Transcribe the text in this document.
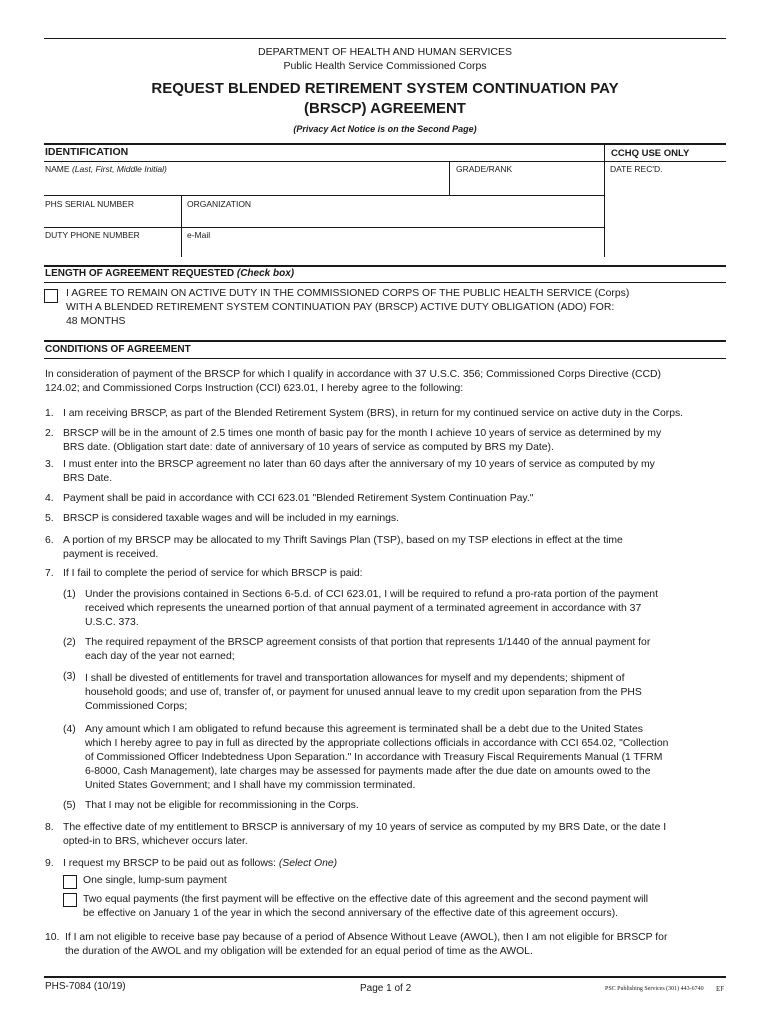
DEPARTMENT OF HEALTH AND HUMAN SERVICES
Public Health Service Commissioned Corps
REQUEST BLENDED RETIREMENT SYSTEM CONTINUATION PAY
(BRSCP) AGREEMENT
(Privacy Act Notice is on the Second Page)
IDENTIFICATION	CCHQ USE ONLY
NAME (Last, First, Middle Initial)	GRADE/RANK	DATE REC'D.
PHS SERIAL NUMBER	ORGANIZATION
DUTY PHONE NUMBER	e-Mail
LENGTH OF AGREEMENT REQUESTED (Check box)
I AGREE TO REMAIN ON ACTIVE DUTY IN THE COMMISSIONED CORPS OF THE PUBLIC HEALTH SERVICE (Corps)
WITH A BLENDED RETIREMENT SYSTEM CONTINUATION PAY (BRSCP) ACTIVE DUTY OBLIGATION (ADO) FOR:
48 MONTHS
CONDITIONS OF AGREEMENT
In consideration of payment of the BRSCP for which I qualify in accordance with 37 U.S.C. 356; Commissioned Corps Directive (CCD)
124.02; and Commissioned Corps Instruction (CCI) 623.01, I hereby agree to the following:
1. I am receiving BRSCP, as part of the Blended Retirement System (BRS), in return for my continued service on active duty in the Corps.
2. BRSCP will be in the amount of 2.5 times one month of basic pay for the month I achieve 10 years of service as determined by my
BRS date. (Obligation start date: date of anniversary of 10 years of service as computed by BRS my Date).
3. I must enter into the BRSCP agreement no later than 60 days after the anniversary of my 10 years of service as computed by my
BRS Date.
4. Payment shall be paid in accordance with CCI 623.01 "Blended Retirement System Continuation Pay."
5. BRSCP is considered taxable wages and will be included in my earnings.
6. A portion of my BRSCP may be allocated to my Thrift Savings Plan (TSP), based on my TSP elections in effect at the time
payment is received.
7. If I fail to complete the period of service for which BRSCP is paid:
(1) Under the provisions contained in Sections 6-5.d. of CCI 623.01, I will be required to refund a pro-rata portion of the payment
received which represents the unearned portion of that annual payment of a terminated agreement in accordance with 37
U.S.C. 373.
(2) The required repayment of the BRSCP agreement consists of that portion that represents 1/1440 of the annual payment for
each day of the year not earned;
(3) I shall be divested of entitlements for travel and transportation allowances for myself and my dependents; shipment of
household goods; and use of, transfer of, or payment for unused annual leave to my credit upon separation from the PHS
Commissioned Corps;
(4) Any amount which I am obligated to refund because this agreement is terminated shall be a debt due to the United States
which I hereby agree to pay in full as directed by the appropriate collections officials in accordance with CCI 654.02, "Collection
of Commissioned Officer Indebtedness Upon Separation." In accordance with Treasury Fiscal Requirements Manual (1 TFRM
6-8000, Cash Management), late charges may be assessed for payments made after the due date on amounts owed to the
United States Government; and I shall have my commission terminated.
(5) That I may not be eligible for recommissioning in the Corps.
8. The effective date of my entitlement to BRSCP is anniversary of my 10 years of service as computed by my BRS Date, or the date I
opted-in to BRS, whichever occurs later.
9. I request my BRSCP to be paid out as follows: (Select One)
One single, lump-sum payment
Two equal payments (the first payment will be effective on the effective date of this agreement and the second payment will
be effective on January 1 of the year in which the second anniversary of the effective date of this agreement occurs).
10. If I am not eligible to receive base pay because of a period of Absence Without Leave (AWOL), then I am not eligible for BRSCP for
the duration of the AWOL and my obligation will be extended for an equal period of time as the AWOL.
PHS-7084 (10/19)	Page 1 of 2	PSC Publishing Services (301) 443-6740 EF
